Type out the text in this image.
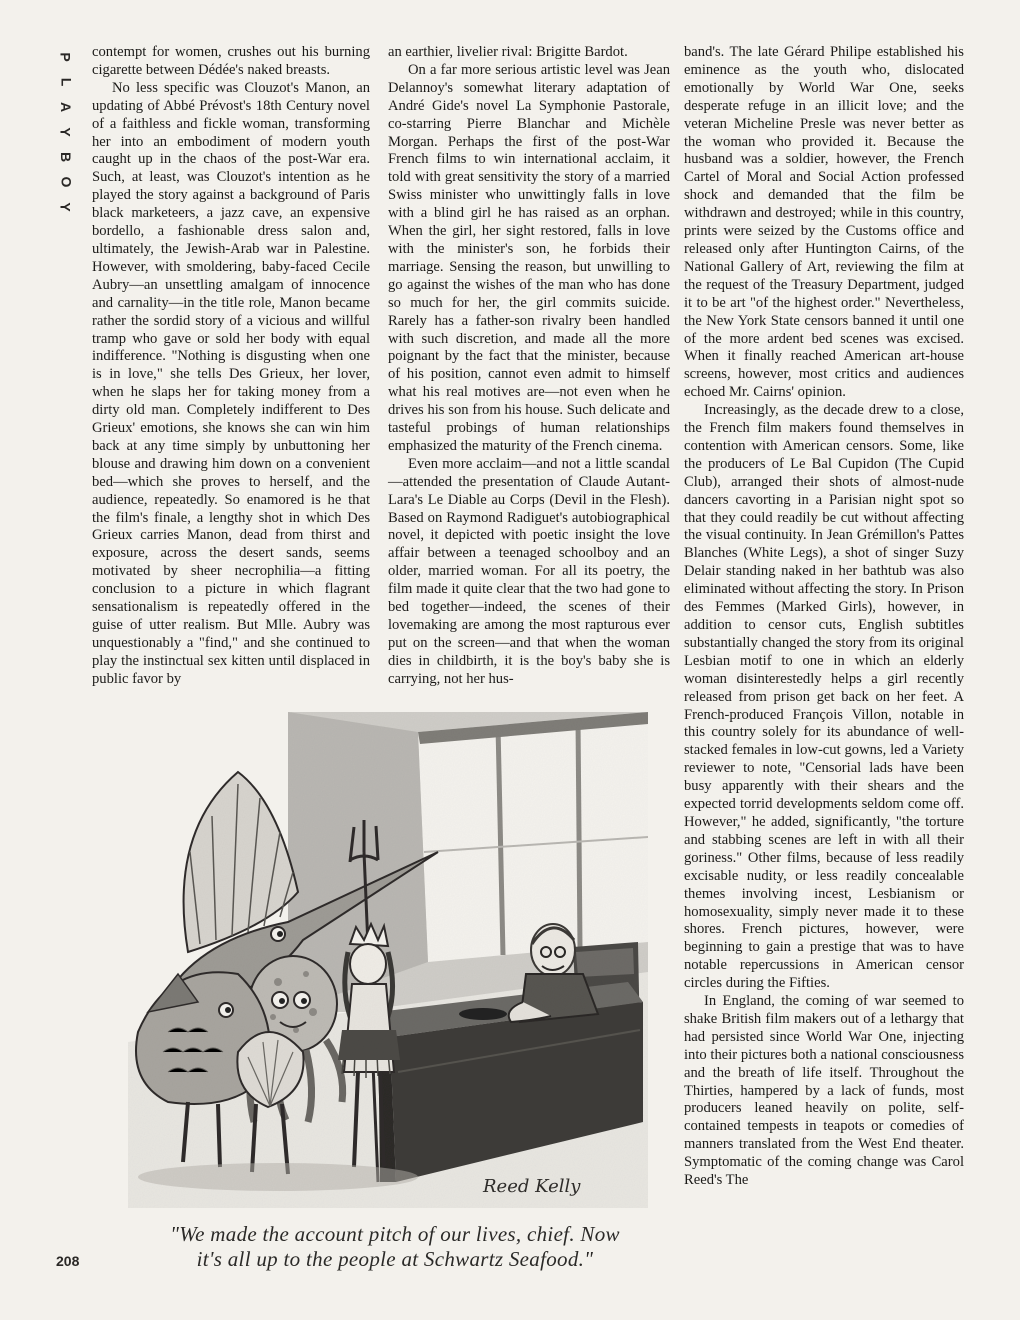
P
L
A
Y
B
O
Y

contempt for women, crushes out his burning cigarette between Dédée's naked breasts.

No less specific was Clouzot's Manon, an updating of Abbé Prévost's 18th Century novel of a faithless and fickle woman, transforming her into an embodiment of modern youth caught up in the chaos of the post-War era. Such, at least, was Clouzot's intention as he played the story against a background of Paris black marketeers, a jazz cave, an expensive bordello, a fashionable dress salon and, ultimately, the Jewish-Arab war in Palestine. However, with smoldering, baby-faced Cecile Aubry—an unsettling amalgam of innocence and carnality—in the title role, Manon became rather the sordid story of a vicious and willful tramp who gave or sold her body with equal indifference. "Nothing is disgusting when one is in love," she tells Des Grieux, her lover, when he slaps her for taking money from a dirty old man. Completely indifferent to Des Grieux' emotions, she knows she can win him back at any time simply by unbuttoning her blouse and drawing him down on a convenient bed—which she proves to herself, and the audience, repeatedly. So enamored is he that the film's finale, a lengthy shot in which Des Grieux carries Manon, dead from thirst and exposure, across the desert sands, seems motivated by sheer necrophilia—a fitting conclusion to a picture in which flagrant sensationalism is repeatedly offered in the guise of utter realism. But Mlle. Aubry was unquestionably a "find," and she continued to play the instinctual sex kitten until displaced in public favor by

an earthier, livelier rival: Brigitte Bardot.

On a far more serious artistic level was Jean Delannoy's somewhat literary adaptation of André Gide's novel La Symphonie Pastorale, co-starring Pierre Blanchar and Michèle Morgan. Perhaps the first of the post-War French films to win international acclaim, it told with great sensitivity the story of a married Swiss minister who unwittingly falls in love with a blind girl he has raised as an orphan. When the girl, her sight restored, falls in love with the minister's son, he forbids their marriage. Sensing the reason, but unwilling to go against the wishes of the man who has done so much for her, the girl commits suicide. Rarely has a father-son rivalry been handled with such discretion, and made all the more poignant by the fact that the minister, because of his position, cannot even admit to himself what his real motives are—not even when he drives his son from his house. Such delicate and tasteful probings of human relationships emphasized the maturity of the French cinema.

Even more acclaim—and not a little scandal—attended the presentation of Claude Autant-Lara's Le Diable au Corps (Devil in the Flesh). Based on Raymond Radiguet's autobiographical novel, it depicted with poetic insight the love affair between a teenaged schoolboy and an older, married woman. For all its poetry, the film made it quite clear that the two had gone to bed together—indeed, the scenes of their lovemaking are among the most rapturous ever put on the screen—and that when the woman dies in childbirth, it is the boy's baby she is carrying, not her hus-

band's. The late Gérard Philipe established his eminence as the youth who, dislocated emotionally by World War One, seeks desperate refuge in an illicit love; and the veteran Micheline Presle was never better as the woman who provided it. Because the husband was a soldier, however, the French Cartel of Moral and Social Action professed shock and demanded that the film be withdrawn and destroyed; while in this country, prints were seized by the Customs office and released only after Huntington Cairns, of the National Gallery of Art, reviewing the film at the request of the Treasury Department, judged it to be art "of the highest order." Nevertheless, the New York State censors banned it until one of the more ardent bed scenes was excised. When it finally reached American art-house screens, however, most critics and audiences echoed Mr. Cairns' opinion.

Increasingly, as the decade drew to a close, the French film makers found themselves in contention with American censors. Some, like the producers of Le Bal Cupidon (The Cupid Club), arranged their shots of almost-nude dancers cavorting in a Parisian night spot so that they could readily be cut without affecting the visual continuity. In Jean Grémillon's Pattes Blanches (White Legs), a shot of singer Suzy Delair standing naked in her bathtub was also eliminated without affecting the story. In Prison des Femmes (Marked Girls), however, in addition to censor cuts, English subtitles substantially changed the story from its original Lesbian motif to one in which an elderly woman disinterestedly helps a girl recently released from prison get back on her feet. A French-produced François Villon, notable in this country solely for its abundance of well-stacked females in low-cut gowns, led a Variety reviewer to note, "Censorial lads have been busy apparently with their shears and the expected torrid developments seldom come off. However," he added, significantly, "the torture and stabbing scenes are left in with all their goriness." Other films, because of less readily excisable nudity, or less readily concealable themes involving incest, Lesbianism or homosexuality, simply never made it to these shores. French pictures, however, were beginning to gain a prestige that was to have notable repercussions in American censor circles during the Fifties.

In England, the coming of war seemed to shake British film makers out of a lethargy that had persisted since World War One, injecting into their pictures both a national consciousness and the breath of life itself. Throughout the Thirties, hampered by a lack of funds, most producers leaned heavily on polite, self-contained tempests in teapots or comedies of manners translated from the West End theater. Symptomatic of the coming change was Carol Reed's The

Reed Kelly
"We made the account pitch of our lives, chief. Now
it's all up to the people at Schwartz Seafood."
208
